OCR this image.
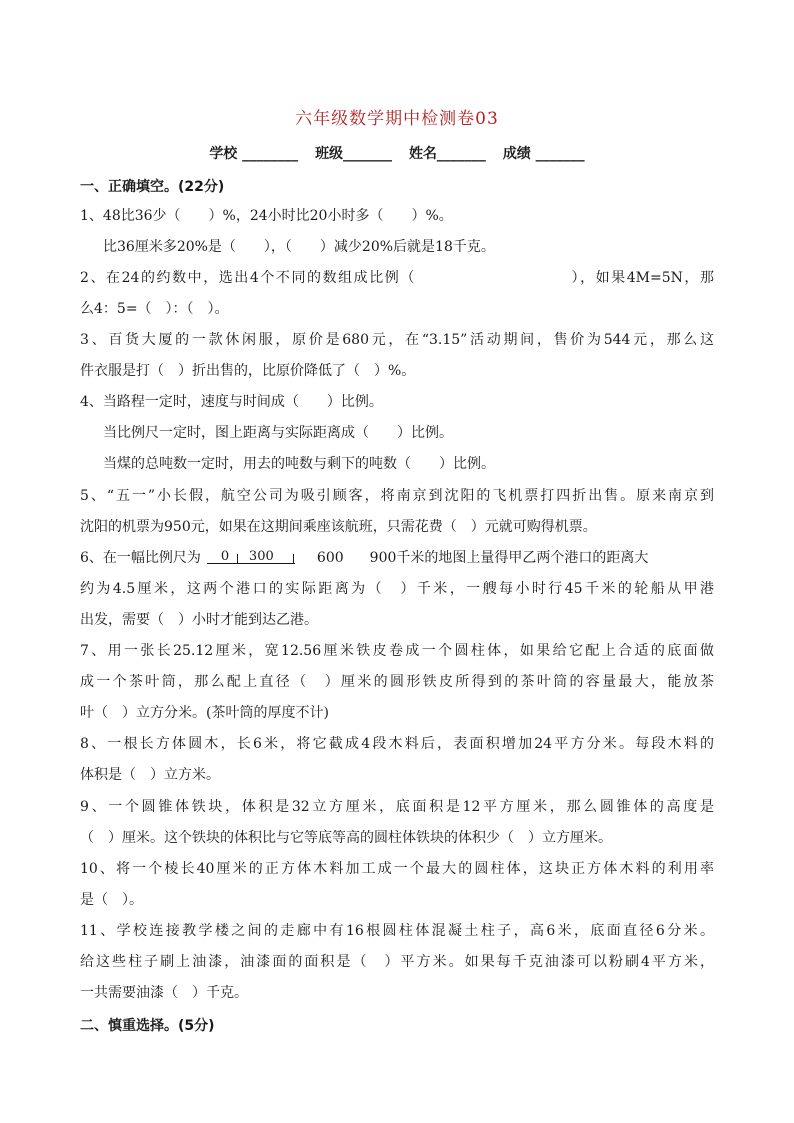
六年级数学期中检测卷03
学校 ________ 班级_______ 姓名_______ 成绩 _______
一、正确填空。(22分)
1、48比36少（　　）%，24小时比20小时多（　　）%。
比36厘米多20%是（　　），（　　）减少20%后就是18千克。
2、在24的约数中，选出4个不同的数组成比例（　　　　　　　　　　），如果4M=5N，那
么4：5=（　）：（　）。
3、百货大厦的一款休闲服，原价是680元，在“3.15”活动期间，售价为544元，那么这
件衣服是打（　）折出售的，比原价降低了（　）%。
4、当路程一定时，速度与时间成（　　）比例。
当比例尺一定时，图上距离与实际距离成（　　）比例。
当煤的总吨数一定时，用去的吨数与剩下的吨数（　　）比例。
5、“五一”小长假，航空公司为吸引顾客，将南京到沈阳的飞机票打四折出售。原来南京到
沈阳的机票为950元，如果在这期间乘座该航班，只需花费（　）元就可购得机票。
6、在一幅比例尺为 0 300	600 900千米的地图上量得甲乙两个港口的距离大
约为4.5厘米，这两个港口的实际距离为（　）千米，一艘每小时行45千米的轮船从甲港
出发，需要（　）小时才能到达乙港。
7、用一张长25.12厘米，宽12.56厘米铁皮卷成一个圆柱体，如果给它配上合适的底面做
成一个茶叶筒，那么配上直径（　）厘米的圆形铁皮所得到的茶叶筒的容量最大，能放茶
叶（　）立方分米。(茶叶筒的厚度不计)
8、一根长方体圆木，长6米，将它截成4段木料后，表面积增加24平方分米。每段木料的
体积是（　）立方米。
9、一个圆锥体铁块，体积是32立方厘米，底面积是12平方厘米，那么圆锥体的高度是
（　）厘米。这个铁块的体积比与它等底等高的圆柱体铁块的体积少（　）立方厘米。
10、将一个棱长40厘米的正方体木料加工成一个最大的圆柱体，这块正方体木料的利用率
是（　）。
11、学校连接教学楼之间的走廊中有16根圆柱体混凝土柱子，高6米，底面直径6分米。
给这些柱子刷上油漆，油漆面的面积是（　）平方米。如果每千克油漆可以粉刷4平方米，
一共需要油漆（　）千克。
二、慎重选择。(5分)
